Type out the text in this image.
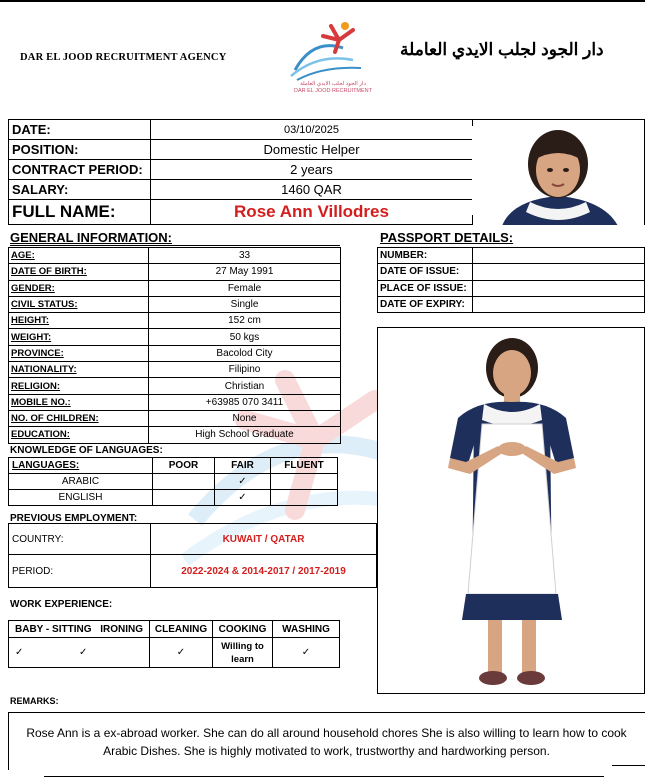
DAR EL JOOD RECRUITMENT AGENCY
دار الجود لجلب الايدي العاملة
DAR EL JOOD RECRUITMENT
دار الجود لجلب الايدي العاملة
DATE:	03/10/2025
POSITION:	Domestic Helper
CONTRACT PERIOD:	2 years
SALARY:	1460 QAR
FULL NAME:	Rose Ann Villodres
GENERAL INFORMATION:
AGE:	33
DATE OF BIRTH:	27 May 1991
GENDER:	Female
CIVIL STATUS:	Single
HEIGHT:	152 cm
WEIGHT:	50 kgs
PROVINCE:	Bacolod City
NATIONALITY:	Filipino
RELIGION:	Christian
MOBILE NO.:	+63985 070 3411
NO. OF CHILDREN:	None
EDUCATION:	High School Graduate
PASSPORT DETAILS:
NUMBER:	
DATE OF ISSUE:	
PLACE OF ISSUE:	
DATE OF EXPIRY:	
KNOWLEDGE OF LANGUAGES:
LANGUAGES:	POOR	FAIR	FLUENT
ARABIC		✓	
ENGLISH		✓	
PREVIOUS EMPLOYMENT:
COUNTRY:	KUWAIT / QATAR
PERIOD:	2022-2024 & 2014-2017 / 2017-2019
WORK EXPERIENCE:
BABY - SITTING IRONING	CLEANING	COOKING	WASHING

✓ ✓	✓	Willing to learn	✓
REMARKS:
Rose Ann is a ex-abroad worker. She can do all around household chores She is also willing to learn how to cook Arabic Dishes. She is highly motivated to work, trustworthy and hardworking person.
